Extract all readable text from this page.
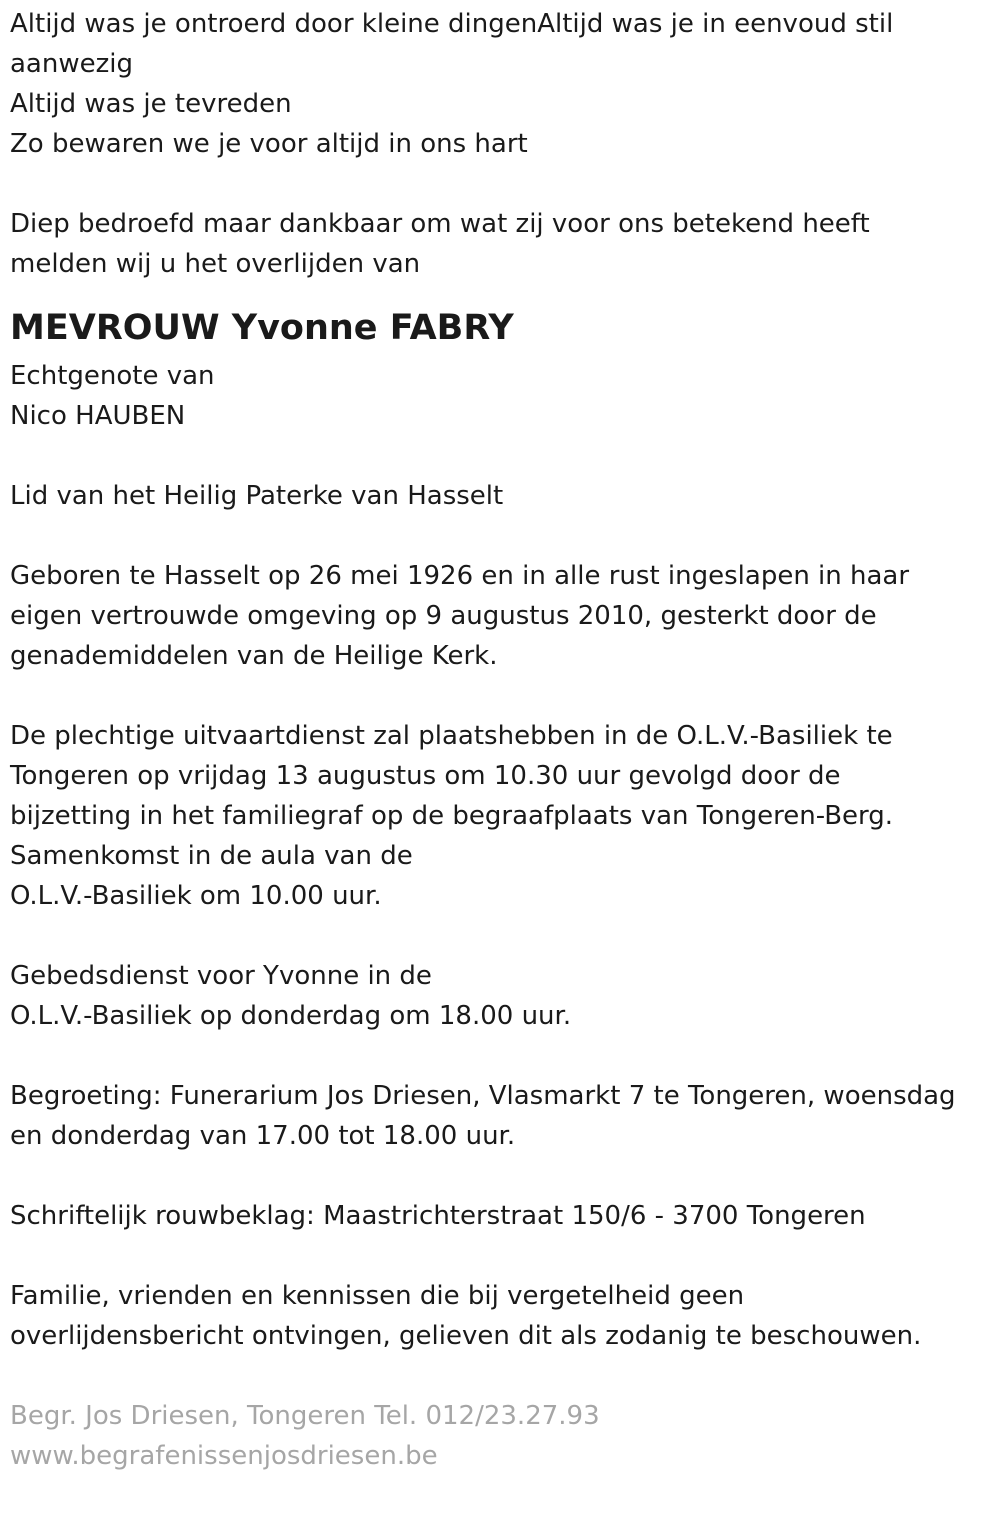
Altijd was je ontroerd door kleine dingenAltijd was je in eenvoud stil
aanwezig
Altijd was je tevreden
Zo bewaren we je voor altijd in ons hart
Diep bedroefd maar dankbaar om wat zij voor ons betekend heeft
melden wij u het overlijden van
MEVROUW Yvonne FABRY
Echtgenote van
Nico HAUBEN
Lid van het Heilig Paterke van Hasselt
Geboren te Hasselt op 26 mei 1926 en in alle rust ingeslapen in haar
eigen vertrouwde omgeving op 9 augustus 2010, gesterkt door de
genademiddelen van de Heilige Kerk.
De plechtige uitvaartdienst zal plaatshebben in de O.L.V.-Basiliek te
Tongeren op vrijdag 13 augustus om 10.30 uur gevolgd door de
bijzetting in het familiegraf op de begraafplaats van Tongeren-Berg.
Samenkomst in de aula van de
O.L.V.-Basiliek om 10.00 uur.
Gebedsdienst voor Yvonne in de
O.L.V.-Basiliek op donderdag om 18.00 uur.
Begroeting: Funerarium Jos Driesen, Vlasmarkt 7 te Tongeren, woensdag
en donderdag van 17.00 tot 18.00 uur.
Schriftelijk rouwbeklag: Maastrichterstraat 150/6 - 3700 Tongeren
Familie, vrienden en kennissen die bij vergetelheid geen
overlijdensbericht ontvingen, gelieven dit als zodanig te beschouwen.
Begr. Jos Driesen, Tongeren Tel. 012/23.27.93
www.begrafenissenjosdriesen.be
